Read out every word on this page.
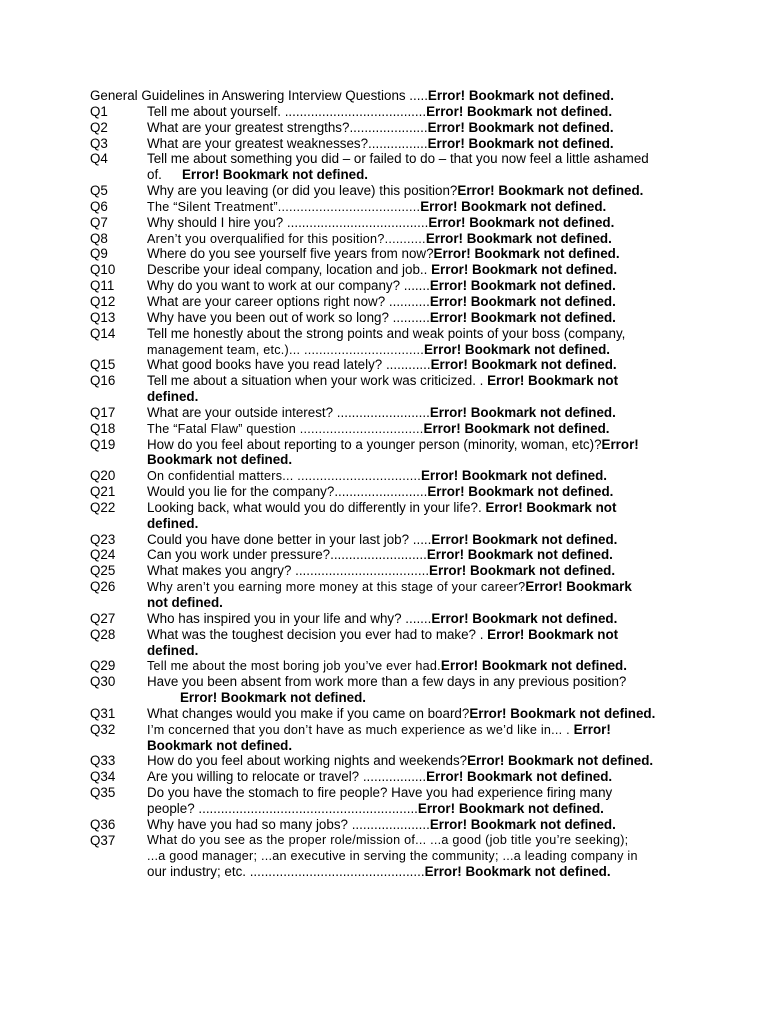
General Guidelines in Answering Interview Questions .....Error! Bookmark not defined.
Q1	Tell me about yourself. ......................................Error! Bookmark not defined.
Q2	What are your greatest strengths?.....................Error! Bookmark not defined.
Q3	What are your greatest weaknesses?................Error! Bookmark not defined.
Q4	Tell me about something you did – or failed to do – that you now feel a little ashamed
of. Error! Bookmark not defined.
Q5	Why are you leaving (or did you leave) this position?Error! Bookmark not defined.
Q6	The “Silent Treatment”......................................Error! Bookmark not defined.
Q7	Why should I hire you? ......................................Error! Bookmark not defined.
Q8	Aren’t you overqualified for this position?...........Error! Bookmark not defined.
Q9	Where do you see yourself five years from now?Error! Bookmark not defined.
Q10 Describe your ideal company, location and job.. Error! Bookmark not defined.
Q11 Why do you want to work at our company? .......Error! Bookmark not defined.
Q12 What are your career options right now? ...........Error! Bookmark not defined.
Q13 Why have you been out of work so long? ..........Error! Bookmark not defined.
Q14 Tell me honestly about the strong points and weak points of your boss (company,
management team, etc.)... ................................Error! Bookmark not defined.
Q15 What good books have you read lately? ............Error! Bookmark not defined.
Q16 Tell me about a situation when your work was criticized. . Error! Bookmark not
defined.
Q17 What are your outside interest? .........................Error! Bookmark not defined.
Q18	The “Fatal Flaw” question .................................Error! Bookmark not defined.
Q19 How do you feel about reporting to a younger person (minority, woman, etc)?Error!
Bookmark not defined.
Q20	On confidential matters... .................................Error! Bookmark not defined.
Q21 Would you lie for the company?.........................Error! Bookmark not defined.
Q22 Looking back, what would you do differently in your life?. Error! Bookmark not
defined.
Q23 Could you have done better in your last job? .....Error! Bookmark not defined.
Q24 Can you work under pressure?..........................Error! Bookmark not defined.
Q25 What makes you angry? ....................................Error! Bookmark not defined.
Q26	Why aren’t you earning more money at this stage of your career?Error! Bookmark
not defined.
Q27 Who has inspired you in your life and why? .......Error! Bookmark not defined.
Q28 What was the toughest decision you ever had to make? . Error! Bookmark not
defined.
Q29	Tell me about the most boring job you’ve ever had.Error! Bookmark not defined.
Q30 Have you been absent from work more than a few days in any previous position?
Error! Bookmark not defined.
Q31 What changes would you make if you came on board?Error! Bookmark not defined.
Q32	I’m concerned that you don’t have as much experience as we’d like in... . Error!
Bookmark not defined.
Q33 How do you feel about working nights and weekends?Error! Bookmark not defined.
Q34 Are you willing to relocate or travel? .................Error! Bookmark not defined.
Q35 Do you have the stomach to fire people? Have you had experience firing many
people? ...........................................................Error! Bookmark not defined.
Q36 Why have you had so many jobs? .....................Error! Bookmark not defined.
Q37	What do you see as the proper role/mission of... ...a good (job title you’re seeking);
...a good manager; ...an executive in serving the community; ...a leading company in
our industry; etc. ...............................................Error! Bookmark not defined.
